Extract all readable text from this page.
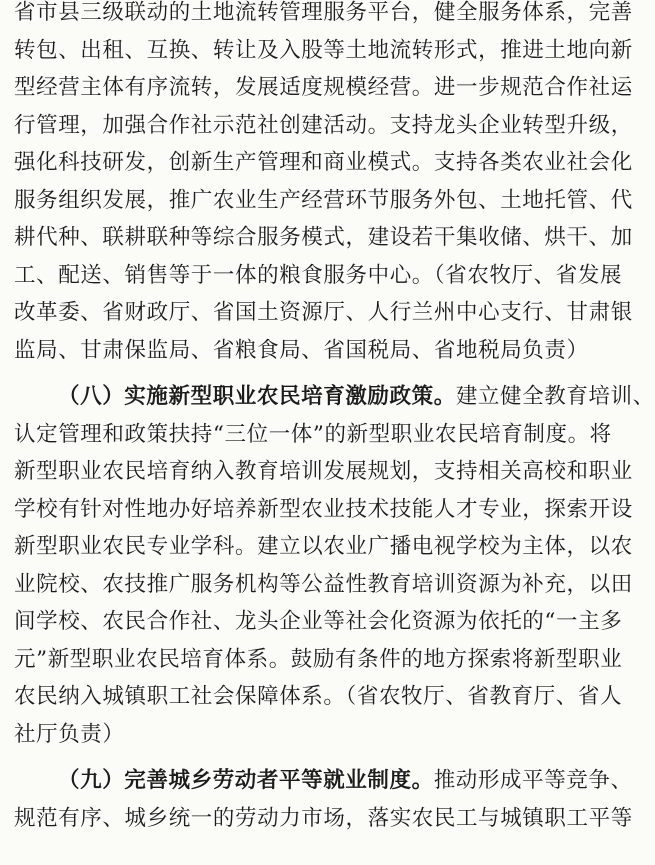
省市县三级联动的土地流转管理服务平台，健全服务体系，完善
转包、出租、互换、转让及入股等土地流转形式，推进土地向新
型经营主体有序流转，发展适度规模经营。进一步规范合作社运
行管理，加强合作社示范社创建活动。支持龙头企业转型升级，
强化科技研发，创新生产管理和商业模式。支持各类农业社会化
服务组织发展，推广农业生产经营环节服务外包、土地托管、代
耕代种、联耕联种等综合服务模式，建设若干集收储、烘干、加
工、配送、销售等于一体的粮食服务中心。（省农牧厅、省发展
改革委、省财政厅、省国土资源厅、人行兰州中心支行、甘肃银
监局、甘肃保监局、省粮食局、省国税局、省地税局负责）
（八）实施新型职业农民培育激励政策。建立健全教育培训、
认定管理和政策扶持“三位一体”的新型职业农民培育制度。将
新型职业农民培育纳入教育培训发展规划，支持相关高校和职业
学校有针对性地办好培养新型农业技术技能人才专业，探索开设
新型职业农民专业学科。建立以农业广播电视学校为主体，以农
业院校、农技推广服务机构等公益性教育培训资源为补充，以田
间学校、农民合作社、龙头企业等社会化资源为依托的“一主多
元”新型职业农民培育体系。鼓励有条件的地方探索将新型职业
农民纳入城镇职工社会保障体系。（省农牧厅、省教育厅、省人
社厅负责）
（九）完善城乡劳动者平等就业制度。推动形成平等竞争、
规范有序、城乡统一的劳动力市场，落实农民工与城镇职工平等
